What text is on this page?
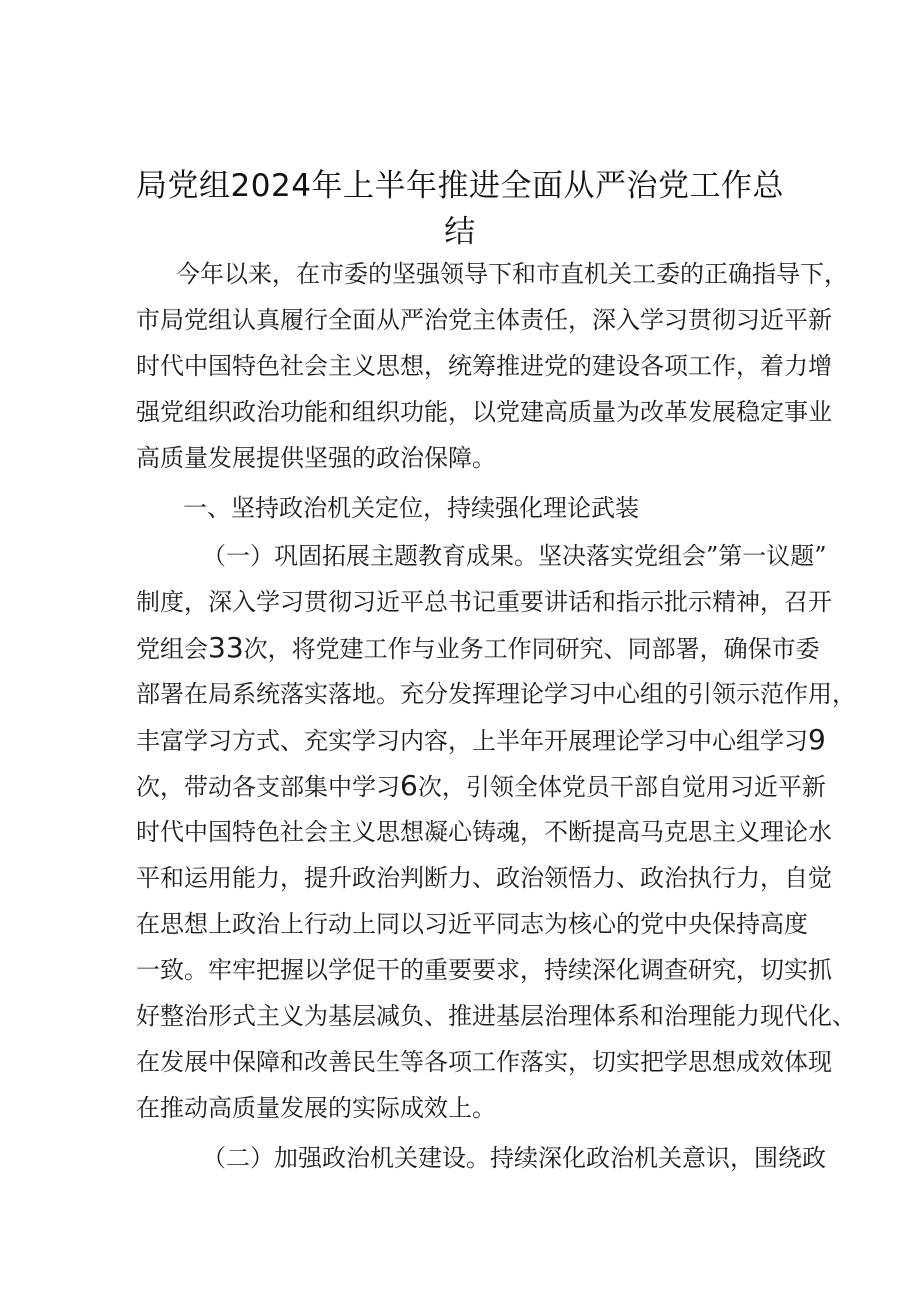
局党组2024年上半年推进全面从严治党工作总
结

今年以来，在市委的坚强领导下和市直机关工委的正确指导下，

市局党组认真履行全面从严治党主体责任，深入学习贯彻习近平新

时代中国特色社会主义思想，统筹推进党的建设各项工作，着力增

强党组织政治功能和组织功能，以党建高质量为改革发展稳定事业

高质量发展提供坚强的政治保障。

一、坚持政治机关定位，持续强化理论武装

（一）巩固拓展主题教育成果。坚决落实党组会”第一议题”

制度，深入学习贯彻习近平总书记重要讲话和指示批示精神，召开

党组会33次，将党建工作与业务工作同研究、同部署，确保市委

部署在局系统落实落地。充分发挥理论学习中心组的引领示范作用，

丰富学习方式、充实学习内容，上半年开展理论学习中心组学习9

次，带动各支部集中学习6次，引领全体党员干部自觉用习近平新

时代中国特色社会主义思想凝心铸魂，不断提高马克思主义理论水

平和运用能力，提升政治判断力、政治领悟力、政治执行力，自觉

在思想上政治上行动上同以习近平同志为核心的党中央保持高度

一致。牢牢把握以学促干的重要要求，持续深化调查研究，切实抓

好整治形式主义为基层减负、推进基层治理体系和治理能力现代化、

在发展中保障和改善民生等各项工作落实，切实把学思想成效体现

在推动高质量发展的实际成效上。

（二）加强政治机关建设。持续深化政治机关意识，围绕政
